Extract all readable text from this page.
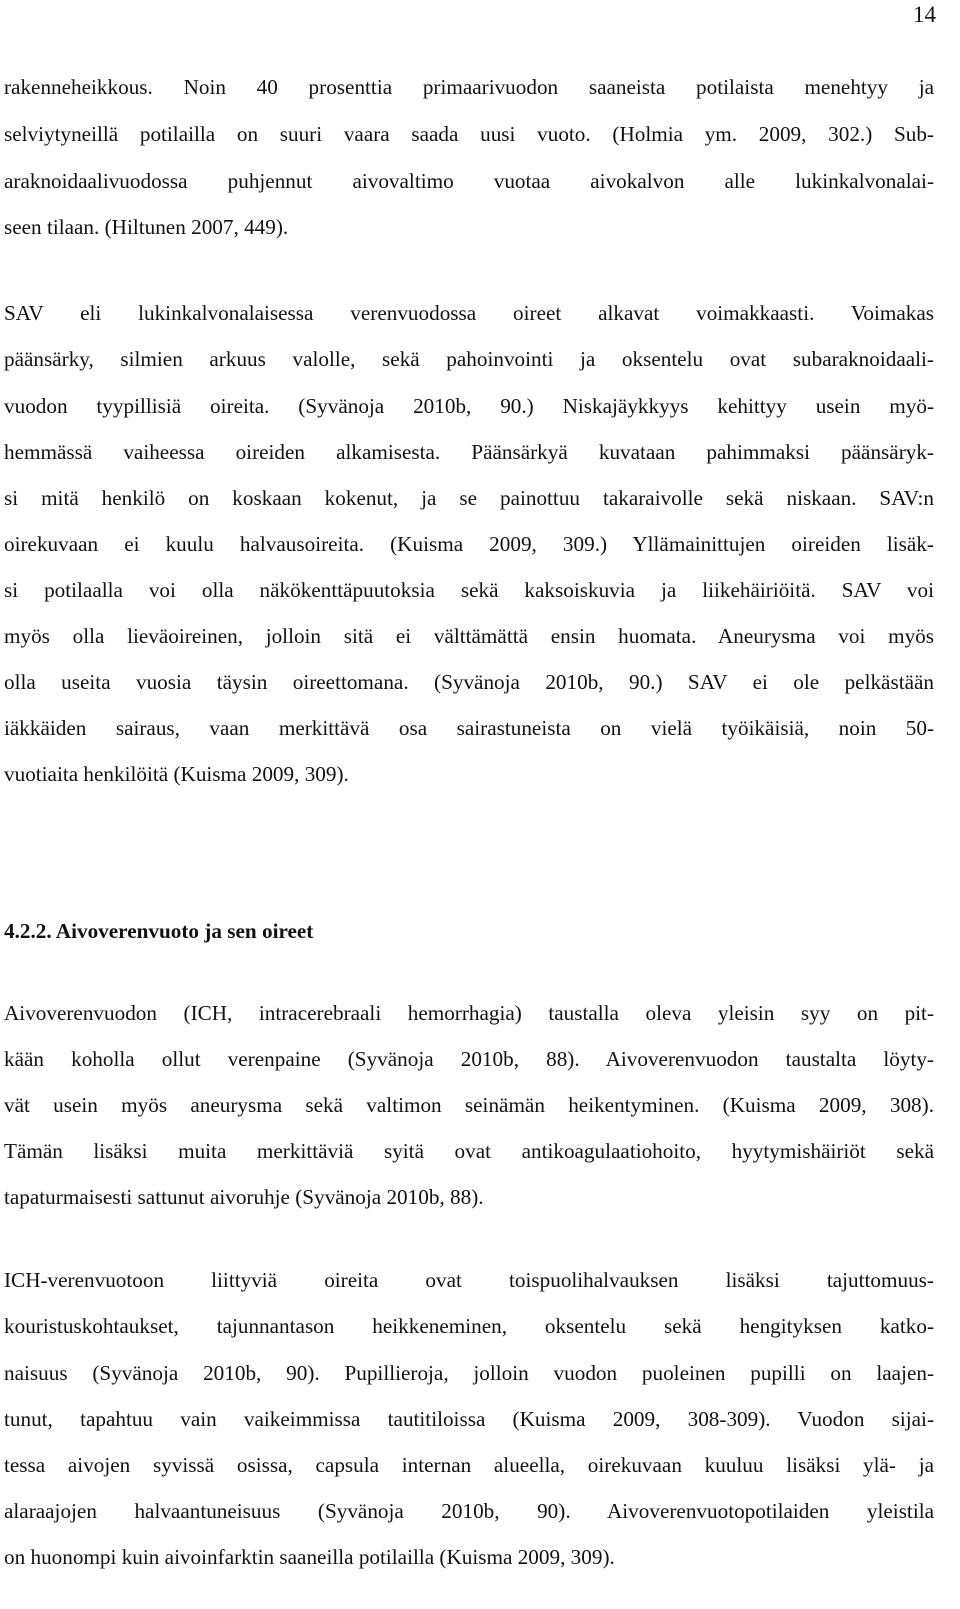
14
rakenneheikkous. Noin 40 prosenttia primaarivuodon saaneista potilaista menehtyy ja
selviytyneillä potilailla on suuri vaara saada uusi vuoto. (Holmia ym. 2009, 302.) Sub-
araknoidaalivuodossa puhjennut aivovaltimo vuotaa aivokalvon alle lukinkalvonalai-
seen tilaan. (Hiltunen 2007, 449).
SAV eli lukinkalvonalaisessa verenvuodossa oireet alkavat voimakkaasti. Voimakas
päänsärky, silmien arkuus valolle, sekä pahoinvointi ja oksentelu ovat subaraknoidaali-
vuodon tyypillisiä oireita. (Syvänoja 2010b, 90.) Niskajäykkyys kehittyy usein myö-
hemmässä vaiheessa oireiden alkamisesta. Päänsärkyä kuvataan pahimmaksi päänsäryk-
si mitä henkilö on koskaan kokenut, ja se painottuu takaraivolle sekä niskaan. SAV:n
oirekuvaan ei kuulu halvausoireita. (Kuisma 2009, 309.) Yllämainittujen oireiden lisäk-
si potilaalla voi olla näkökenttäpuutoksia sekä kaksoiskuvia ja liikehäiriöitä. SAV voi
myös olla lieväoireinen, jolloin sitä ei välttämättä ensin huomata. Aneurysma voi myös
olla useita vuosia täysin oireettomana. (Syvänoja 2010b, 90.) SAV ei ole pelkästään
iäkkäiden sairaus, vaan merkittävä osa sairastuneista on vielä työikäisiä, noin 50-
vuotiaita henkilöitä (Kuisma 2009, 309).
4.2.2. Aivoverenvuoto ja sen oireet
Aivoverenvuodon (ICH, intracerebraali hemorrhagia) taustalla oleva yleisin syy on pit-
kään koholla ollut verenpaine (Syvänoja 2010b, 88). Aivoverenvuodon taustalta löyty-
vät usein myös aneurysma sekä valtimon seinämän heikentyminen. (Kuisma 2009, 308).
Tämän lisäksi muita merkittäviä syitä ovat antikoagulaatiohoito, hyytymishäiriöt sekä
tapaturmaisesti sattunut aivoruhje (Syvänoja 2010b, 88).
ICH-verenvuotoon liittyviä oireita ovat toispuolihalvauksen lisäksi tajuttomuus-
kouristuskohtaukset, tajunnantason heikkeneminen, oksentelu sekä hengityksen katko-
naisuus (Syvänoja 2010b, 90). Pupillieroja, jolloin vuodon puoleinen pupilli on laajen-
tunut, tapahtuu vain vaikeimmissa tautitiloissa (Kuisma 2009, 308-309). Vuodon sijai-
tessa aivojen syvissä osissa, capsula internan alueella, oirekuvaan kuuluu lisäksi ylä- ja
alaraajojen halvaantuneisuus (Syvänoja 2010b, 90). Aivoverenvuotopotilaiden yleistila
on huonompi kuin aivoinfarktin saaneilla potilailla (Kuisma 2009, 309).
